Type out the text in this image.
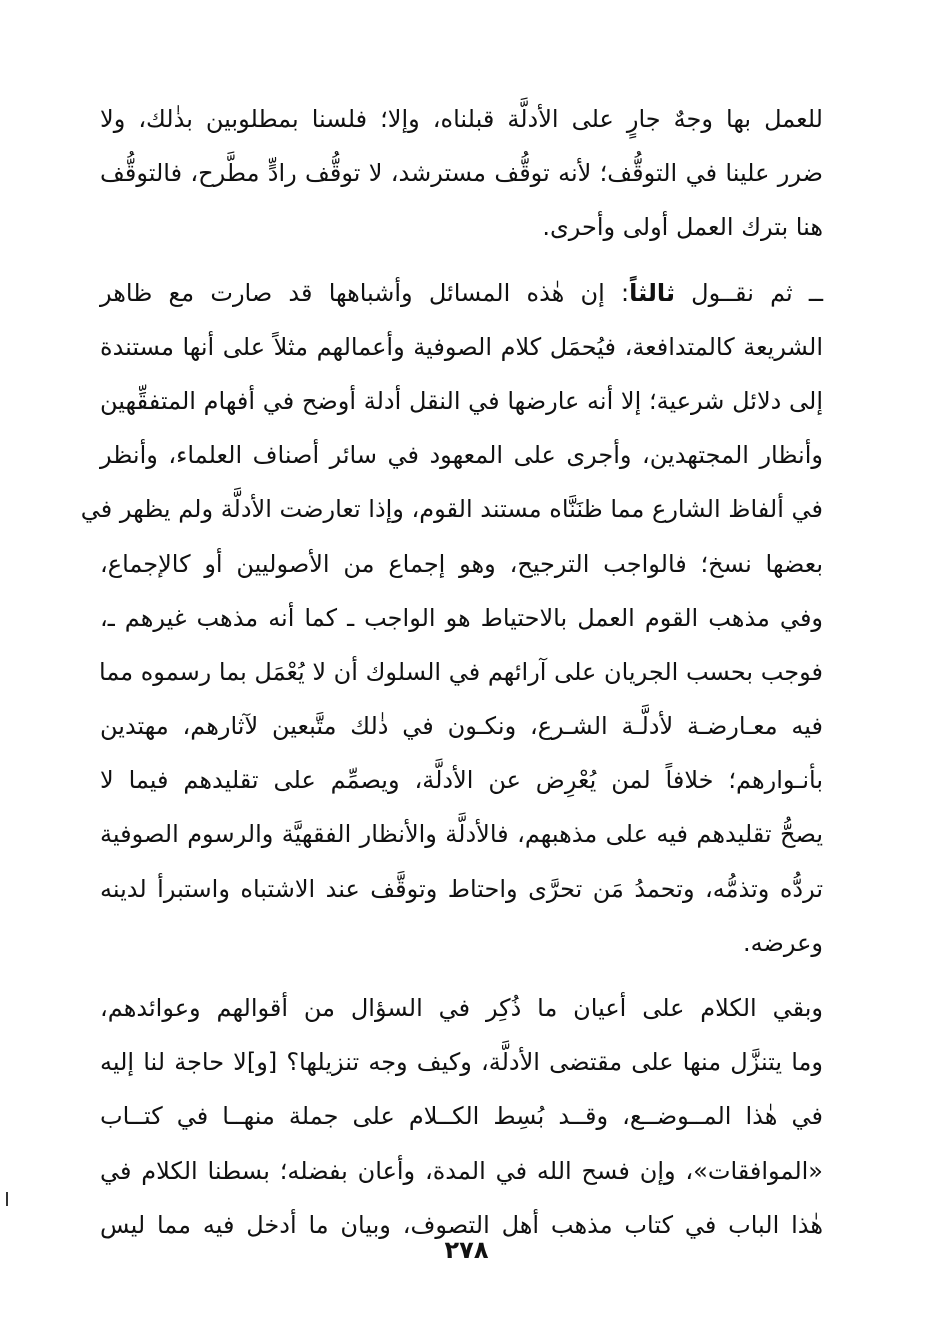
للعمل بها وجهٌ جارٍ على الأدلَّة قبلناه، وإلا؛ فلسنا بمطلوبين بذٰلك، ولا
ضرر علينا في التوقُّف؛ لأنه توقُّف مسترشد، لا توقُّف رادٍّ مطَّرح، فالتوقُّف
هنا بترك العمل أولى وأحرى.
ــ ثم نقــول ثالثاً: إن هٰذه المسائل وأشباهها قد صارت مع ظاهر
الشريعة كالمتدافعة، فيُحمَل كلام الصوفية وأعمالهم مثلاً على أنها مستندة
إلى دلائل شرعية؛ إلا أنه عارضها في النقل أدلة أوضح في أفهام المتفقِّهين
وأنظار المجتهدين، وأجرى على المعهود في سائر أصناف العلماء، وأنظر
في ألفاظ الشارع مما ظنَنَّاه مستند القوم، وإذا تعارضت الأدلَّة ولم يظهر في
بعضها نسخ؛ فالواجب الترجيح، وهو إجماع من الأصوليين أو كالإجماع،
وفي مذهب القوم العمل بالاحتياط هو الواجب ـ كما أنه مذهب غيرهم ـ،
فوجب بحسب الجريان على آرائهم في السلوك أن لا يُعْمَل بما رسموه مما
فيه معـارضـة لأدلَّـة الشـرع، ونكـون في ذٰلك متَّبعين لآثارهم، مهتدين
بأنـوارهم؛ خلافاً لمن يُعْرِض عن الأدلَّة، ويصمِّم على تقليدهم فيما لا
يصحُّ تقليدهم فيه على مذهبهم، فالأدلَّة والأنظار الفقهيَّة والرسوم الصوفية
تردُّه وتذمُّه، وتحمدُ مَن تحرَّى واحتاط وتوقَّف عند الاشتباه واستبرأ لدينه
وعرضه.
وبقي الكلام على أعيان ما ذُكِر في السؤال من أقوالهم وعوائدهم،
وما يتنزَّل منها على مقتضى الأدلَّة، وكيف وجه تنزيلها؟ [و]لا حاجة لنا إليه
في هٰذا المــوضــع، وقــد بُسِط الكــلام على جملة منهــا في كتــاب
«الموافقات»، وإن فسح الله في المدة، وأعان بفضله؛ بسطنا الكلام في
هٰذا الباب في كتاب مذهب أهل التصوف، وبيان ما أدخل فيه مما ليس
٢٧٨
